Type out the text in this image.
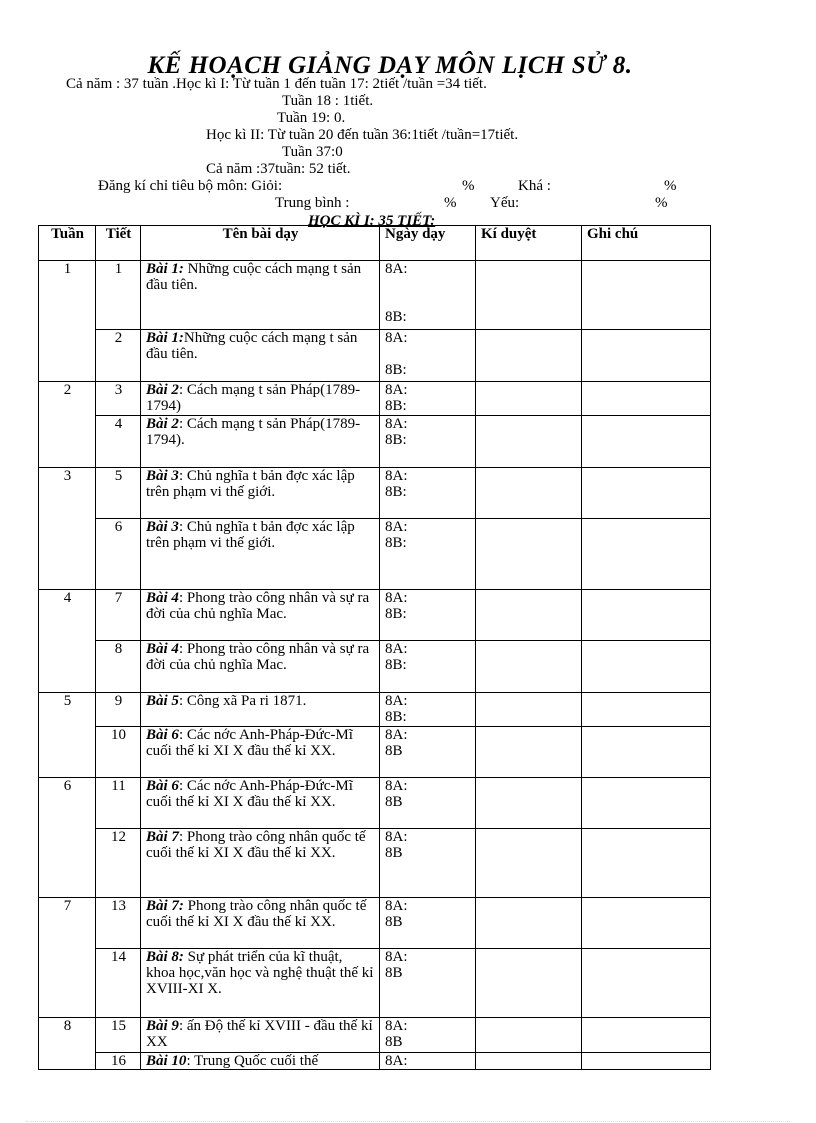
KẾ HOẠCH GIẢNG DẠY MÔN LỊCH SỬ 8.
Cả năm : 37 tuần .Học kì I: Từ tuần 1 đến tuần 17: 2tiết /tuần =34 tiết.
Tuần 18 : 1tiết.
Tuần 19: 0.
Học kì II: Từ tuần 20 đến tuần 36:1tiết /tuần=17tiết.
Tuần 37:0
Cả năm :37tuần: 52 tiết.
Đăng kí chỉ tiêu bộ môn: Giỏi:	%	Khá :	%
Trung bình :	% Yếu:	%
HỌC KÌ I: 35 TIẾT:
Tuần	Tiết	Tên bài dạy	Ngày dạy	Kí duyệt	Ghi chú
1	1	Bài 1: Những cuộc cách mạng t sản đầu tiên.	8A:
8B:		

	2	Bài 1:Những cuộc cách mạng t sản đầu tiên.	8A:
8B:		

2	3	Bài 2: Cách mạng t sản Pháp(1789-1794)	8A:
8B:		

	4	Bài 2: Cách mạng t sản Pháp(1789-1794).	8A:
8B:		

3	5	Bài 3: Chủ nghĩa t bản đợc xác lập trên phạm vi thế giới.	8A:
8B:		

	6	Bài 3: Chủ nghĩa t bản đợc xác lập trên phạm vi thế giới.	8A:
8B:		

4	7	Bài 4: Phong trào công nhân và sự ra đời của chủ nghĩa Mac.	8A:
8B:		

	8	Bài 4: Phong trào công nhân và sự ra đời của chủ nghĩa Mac.	8A:
8B:		

5	9	Bài 5: Công xã Pa ri 1871.	8A:
8B:		

	10	Bài 6: Các nớc Anh-Pháp-Đức-Mĩ cuối thế kỉ XI X đầu thế kỉ XX.	8A:
8B		

6	11	Bài 6: Các nớc Anh-Pháp-Đức-Mĩ cuối thế kỉ XI X đầu thế kỉ XX.	8A:
8B		

	12	Bài 7: Phong trào công nhân quốc tế cuối thế kỉ XI X đầu thế kỉ XX.	8A:
8B		

7	13	Bài 7: Phong trào công nhân quốc tế cuối thế kỉ XI X đầu thế kỉ XX.	8A:
8B		

	14	Bài 8: Sự phát triển của kĩ thuật, khoa học,văn học và nghệ thuật thế kỉ XVIII-XI X.	8A:
8B		

8	15	Bài 9: ấn Độ thế kỉ XVIII - đầu thế kỉ XX	8A:
8B		

	16	Bài 10: Trung Quốc cuối thế	8A:		
